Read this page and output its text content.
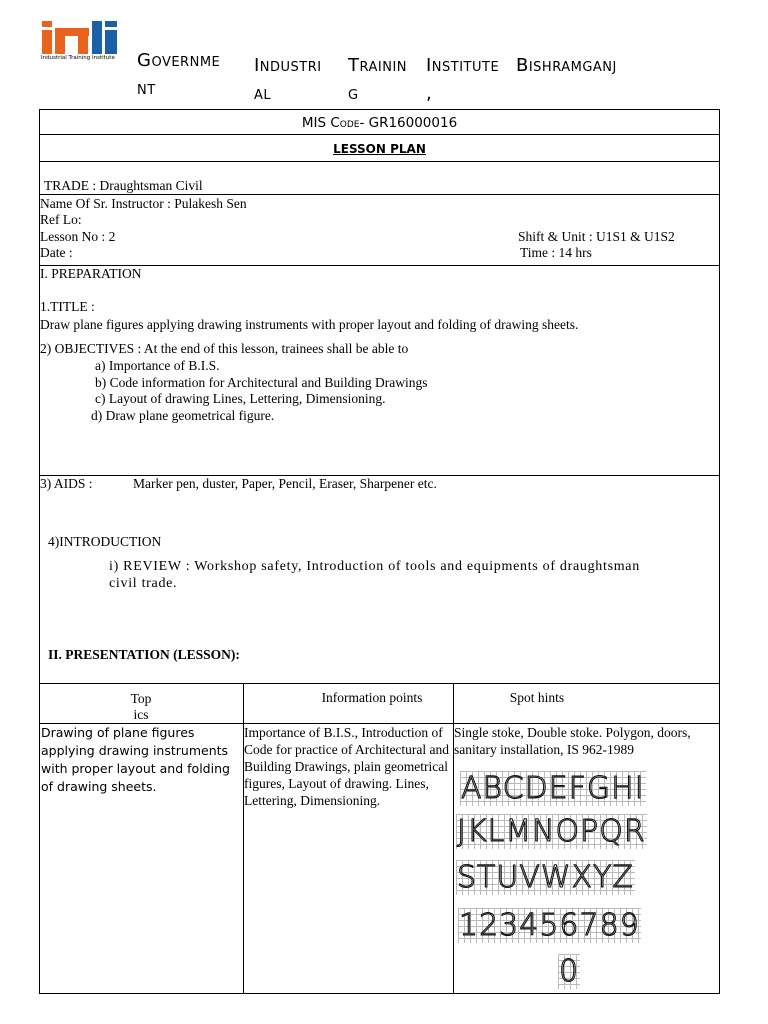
Industrial Training Institute Governme
nt
Industri
al
Trainin
g
Institute
,
Bishramganj
MIS Code- GR16000016
LESSON PLAN
TRADE : Draughtsman Civil
Name Of Sr. Instructor : Pulakesh Sen
Ref Lo:
Lesson No : 2
Date :
Shift & Unit : U1S1 & U1S2
Time : 14 hrs
I. PREPARATION
1.TITLE :
Draw plane figures applying drawing instruments with proper layout and folding of drawing sheets.
2) OBJECTIVES : At the end of this lesson, trainees shall be able to
a) Importance of B.I.S.
b) Code information for Architectural and Building Drawings
c) Layout of drawing Lines, Lettering, Dimensioning.
d) Draw plane geometrical figure.
3) AIDS :	Marker pen, duster, Paper, Pencil, Eraser, Sharpener etc.
4)INTRODUCTION
i) REVIEW : Workshop safety, Introduction of tools and equipments of draughtsman civil trade.
II. PRESENTATION (LESSON):
Top
ics
Information points	Spot hints
Drawing of plane figures applying drawing instruments with proper layout and folding of drawing sheets.
Importance of B.I.S., Introduction of Code for practice of Architectural and Building Drawings, plain geometrical figures, Layout of drawing. Lines, Lettering, Dimensioning.
Single stoke, Double stoke. Polygon, doors, sanitary installation, IS 962-1989
ABCDEFGHI
JKLMNOPQR
STUVWXYZ
123456789
0
